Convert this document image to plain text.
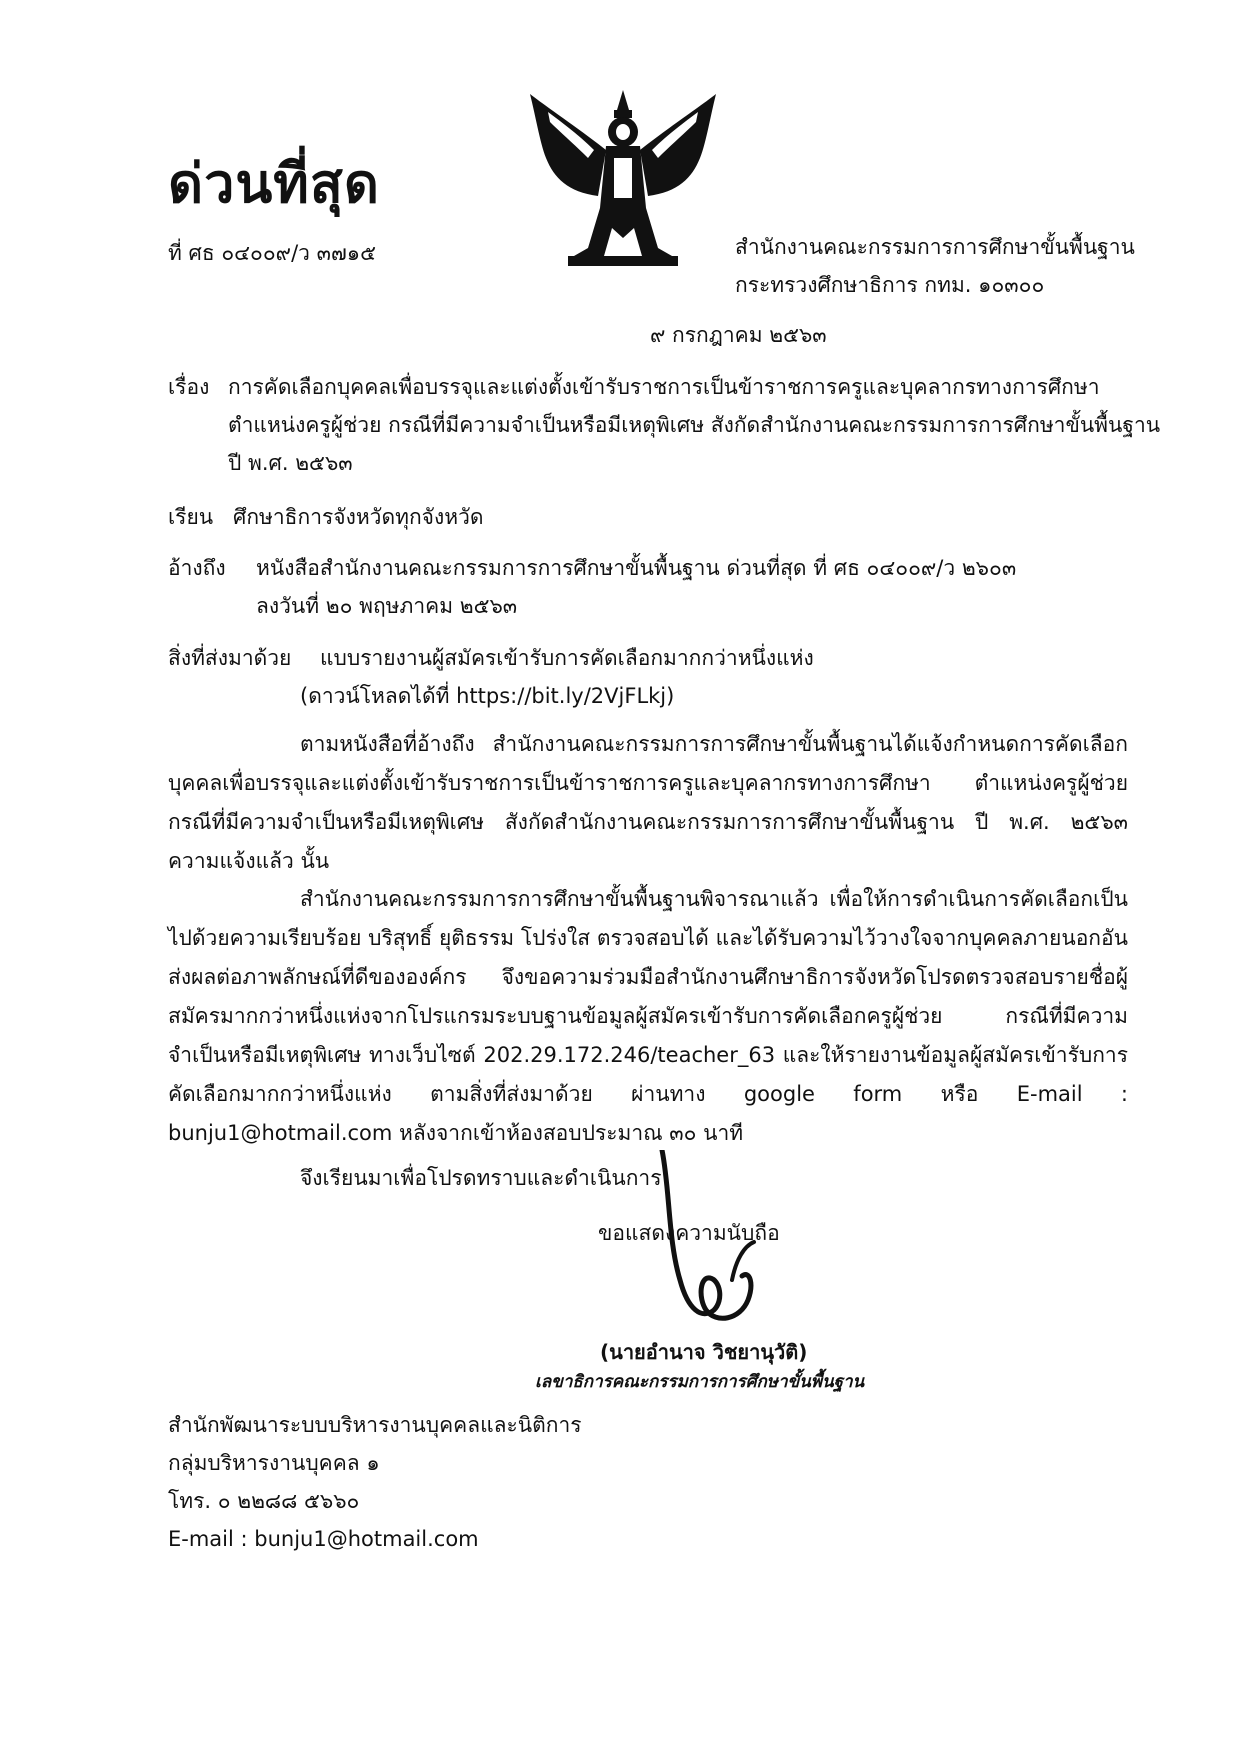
ด่วนที่สุด
ที่ ศธ ๐๔๐๐๙/ว ๓๗๑๕	สำนักงานคณะกรรมการการศึกษาขั้นพื้นฐาน
กระทรวงศึกษาธิการ กทม. ๑๐๓๐๐
๙ กรกฎาคม ๒๕๖๓
เรื่อง การคัดเลือกบุคคลเพื่อบรรจุและแต่งตั้งเข้ารับราชการเป็นข้าราชการครูและบุคลากรทางการศึกษา
ตำแหน่งครูผู้ช่วย กรณีที่มีความจำเป็นหรือมีเหตุพิเศษ สังกัดสำนักงานคณะกรรมการการศึกษาขั้นพื้นฐาน
ปี พ.ศ. ๒๕๖๓
เรียน ศึกษาธิการจังหวัดทุกจังหวัด
อ้างถึง หนังสือสำนักงานคณะกรรมการการศึกษาขั้นพื้นฐาน ด่วนที่สุด ที่ ศธ ๐๔๐๐๙/ว ๒๖๐๓
ลงวันที่ ๒๐ พฤษภาคม ๒๕๖๓
สิ่งที่ส่งมาด้วย แบบรายงานผู้สมัครเข้ารับการคัดเลือกมากกว่าหนึ่งแห่ง
(ดาวน์โหลดได้ที่ https://bit.ly/2VjFLkj)
ตามหนังสือที่อ้างถึง สำนักงานคณะกรรมการการศึกษาขั้นพื้นฐานได้แจ้งกำหนดการคัดเลือกบุคคลเพื่อบรรจุและแต่งตั้งเข้ารับราชการเป็นข้าราชการครูและบุคลากรทางการศึกษา ตำแหน่งครูผู้ช่วย กรณีที่มีความจำเป็นหรือมีเหตุพิเศษ สังกัดสำนักงานคณะกรรมการการศึกษาขั้นพื้นฐาน ปี พ.ศ. ๒๕๖๓ ความแจ้งแล้ว นั้น
สำนักงานคณะกรรมการการศึกษาขั้นพื้นฐานพิจารณาแล้ว เพื่อให้การดำเนินการคัดเลือกเป็นไปด้วยความเรียบร้อย บริสุทธิ์ ยุติธรรม โปร่งใส ตรวจสอบได้ และได้รับความไว้วางใจจากบุคคลภายนอกอันส่งผลต่อภาพลักษณ์ที่ดีขององค์กร จึงขอความร่วมมือสำนักงานศึกษาธิการจังหวัดโปรดตรวจสอบรายชื่อผู้สมัครมากกว่าหนึ่งแห่งจากโปรแกรมระบบฐานข้อมูลผู้สมัครเข้ารับการคัดเลือกครูผู้ช่วย กรณีที่มีความจำเป็นหรือมีเหตุพิเศษ ทางเว็บไซต์ 202.29.172.246/teacher_63 และให้รายงานข้อมูลผู้สมัครเข้ารับการคัดเลือกมากกว่าหนึ่งแห่ง ตามสิ่งที่ส่งมาด้วย ผ่านทาง google form หรือ E-mail : bunju1@hotmail.com หลังจากเข้าห้องสอบประมาณ ๓๐ นาที
จึงเรียนมาเพื่อโปรดทราบและดำเนินการ
ขอแสดงความนับถือ
(นายอำนาจ วิชยานุวัติ)
เลขาธิการคณะกรรมการการศึกษาขั้นพื้นฐาน
สำนักพัฒนาระบบบริหารงานบุคคลและนิติการ
กลุ่มบริหารงานบุคคล ๑
โทร. ๐ ๒๒๘๘ ๕๖๖๐
E-mail : bunju1@hotmail.com
